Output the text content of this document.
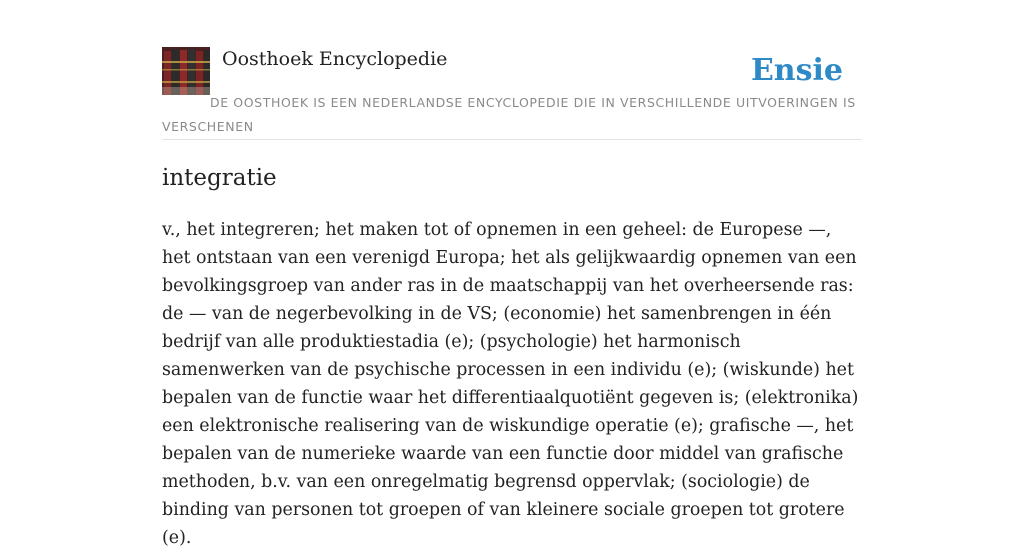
Oosthoek Encyclopedie	Ensie
DE OOSTHOEK IS EEN NEDERLANDSE ENCYCLOPEDIE DIE IN VERSCHILLENDE UITVOERINGEN IS VERSCHENEN
integratie

v., het integreren; het maken tot of opnemen in een geheel: de Europese —, het ontstaan van een verenigd Europa; het als gelijkwaardig opnemen van een bevolkingsgroep van ander ras in de maatschappij van het overheersende ras: de — van de negerbevolking in de VS; (economie) het samenbrengen in één bedrijf van alle produktiestadia (e); (psychologie) het harmonisch samenwerken van de psychische processen in een individu (e); (wiskunde) het bepalen van de functie waar het differentiaalquotiënt gegeven is; (elektronika) een elektronische realisering van de wiskundige operatie (e); grafische —, het bepalen van de numerieke waarde van een functie door middel van grafische methoden, b.v. van een onregelmatig begrensd oppervlak; (sociologie) de binding van personen tot groepen of van kleinere sociale groepen tot grotere (e).
